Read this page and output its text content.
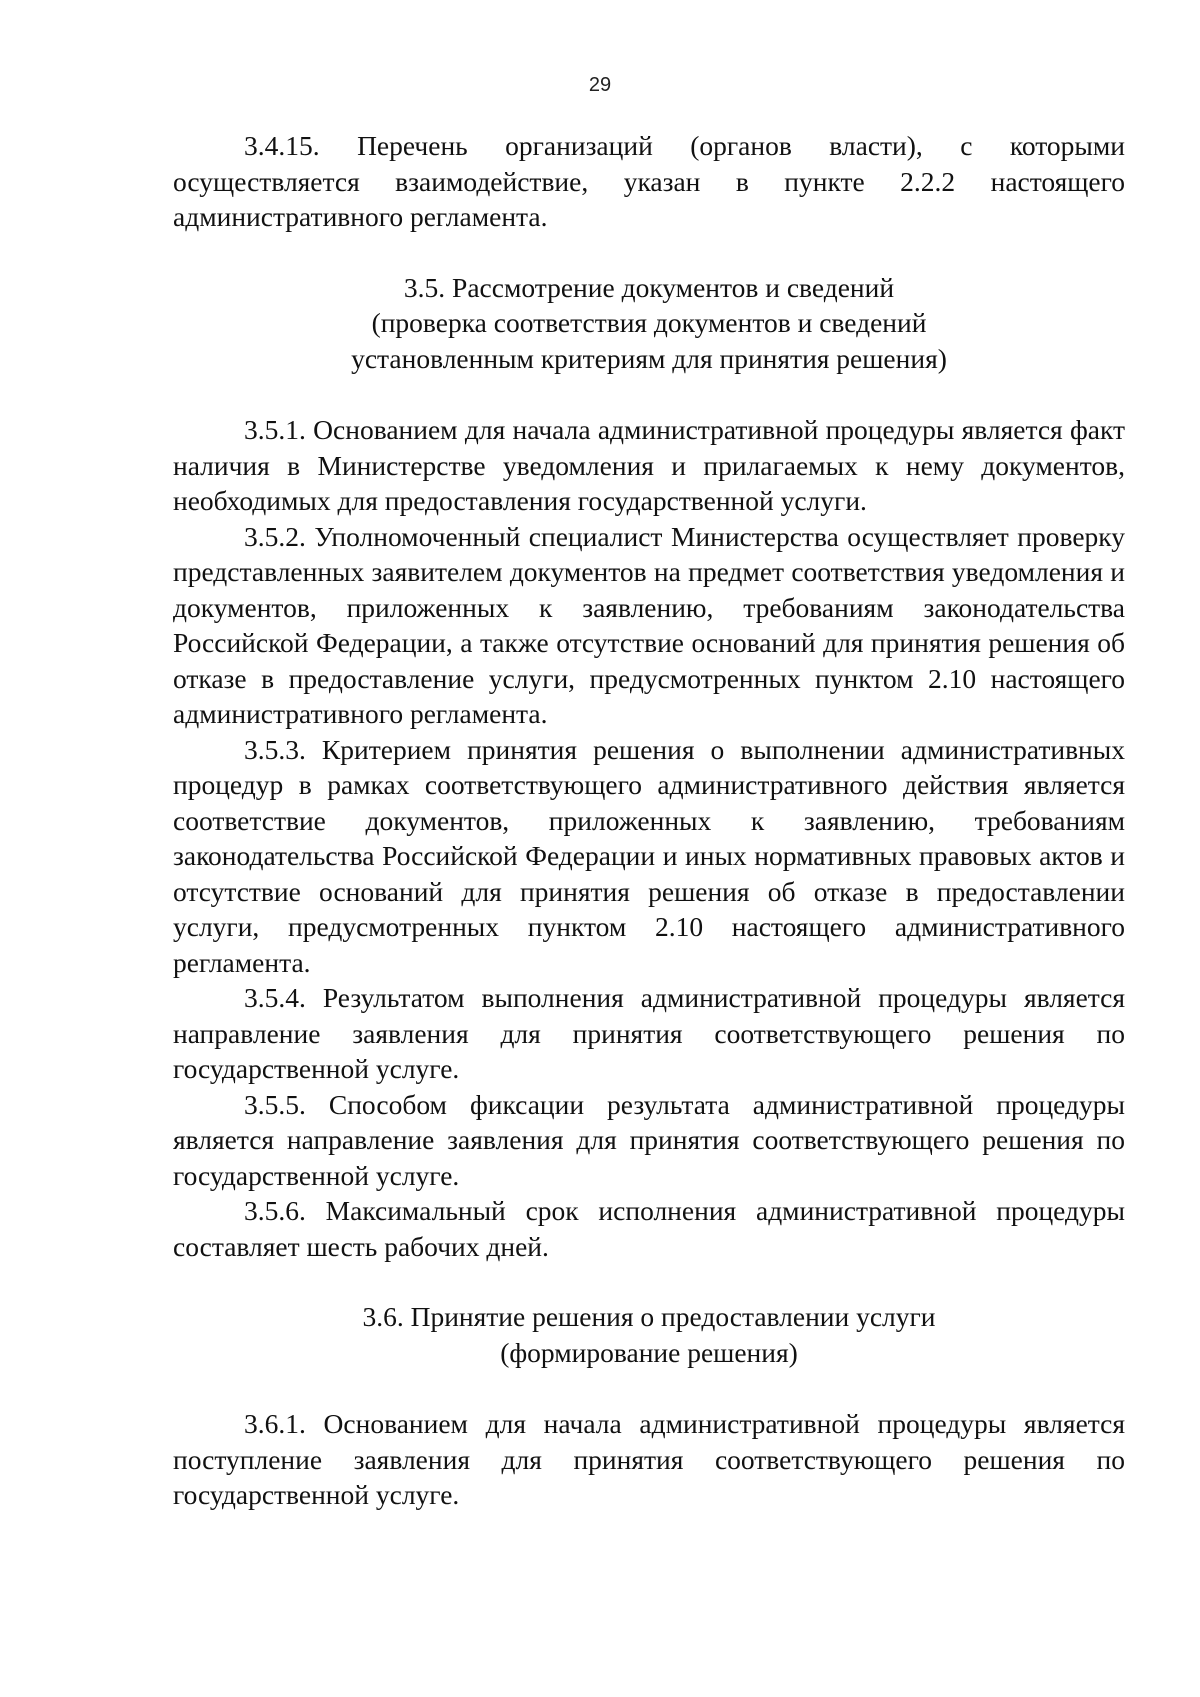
29

3.4.15. Перечень организаций (органов власти), с которыми осуществляется взаимодействие, указан в пункте 2.2.2 настоящего административного регламента.

3.5. Рассмотрение документов и сведений
(проверка соответствия документов и сведений
установленным критериям для принятия решения)

3.5.1. Основанием для начала административной процедуры является факт наличия в Министерстве уведомления и прилагаемых к нему документов, необходимых для предоставления государственной услуги.

3.5.2. Уполномоченный специалист Министерства осуществляет проверку представленных заявителем документов на предмет соответствия уведомления и документов, приложенных к заявлению, требованиям законодательства Российской Федерации, а также отсутствие оснований для принятия решения об отказе в предоставление услуги, предусмотренных пунктом 2.10 настоящего административного регламента.

3.5.3. Критерием принятия решения о выполнении административных процедур в рамках соответствующего административного действия является соответствие документов, приложенных к заявлению, требованиям законодательства Российской Федерации и иных нормативных правовых актов и отсутствие оснований для принятия решения об отказе в предоставлении услуги, предусмотренных пунктом 2.10 настоящего административного регламента.

3.5.4. Результатом выполнения административной процедуры является направление заявления для принятия соответствующего решения по государственной услуге.

3.5.5. Способом фиксации результата административной процедуры является направление заявления для принятия соответствующего решения по государственной услуге.

3.5.6. Максимальный срок исполнения административной процедуры составляет шесть рабочих дней.

3.6. Принятие решения о предоставлении услуги
(формирование решения)

3.6.1. Основанием для начала административной процедуры является поступление заявления для принятия соответствующего решения по государственной услуге.
